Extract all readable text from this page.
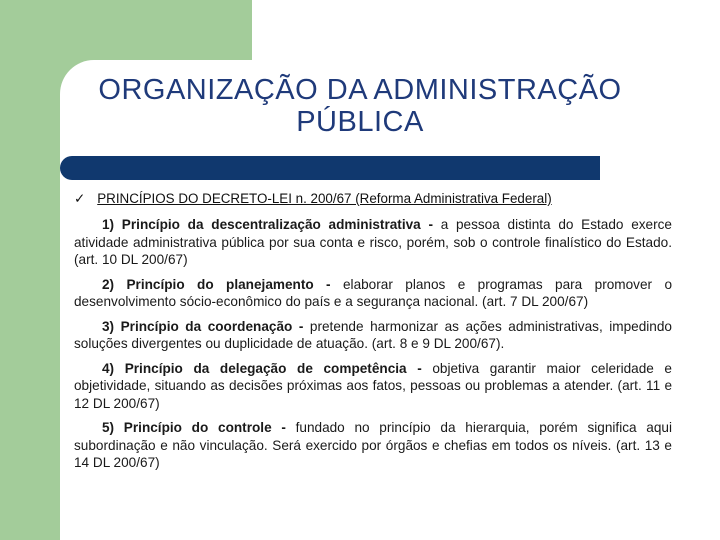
ORGANIZAÇÃO DA ADMINISTRAÇÃO
PÚBLICA
✓ PRINCÍPIOS DO DECRETO-LEI n. 200/67 (Reforma Administrativa Federal)

1) Princípio da descentralização administrativa - a pessoa distinta do Estado exerce atividade administrativa pública por sua conta e risco, porém, sob o controle finalístico do Estado. (art. 10 DL 200/67)

2) Princípio do planejamento - elaborar planos e programas para promover o desenvolvimento sócio-econômico do país e a segurança nacional. (art. 7 DL 200/67)

3) Princípio da coordenação - pretende harmonizar as ações administrativas, impedindo soluções divergentes ou duplicidade de atuação. (art. 8 e 9 DL 200/67).

4) Princípio da delegação de competência - objetiva garantir maior celeridade e objetividade, situando as decisões próximas aos fatos, pessoas ou problemas a atender. (art. 11 e 12 DL 200/67)

5) Princípio do controle - fundado no princípio da hierarquia, porém significa aqui subordinação e não vinculação. Será exercido por órgãos e chefias em todos os níveis. (art. 13 e 14 DL 200/67)
